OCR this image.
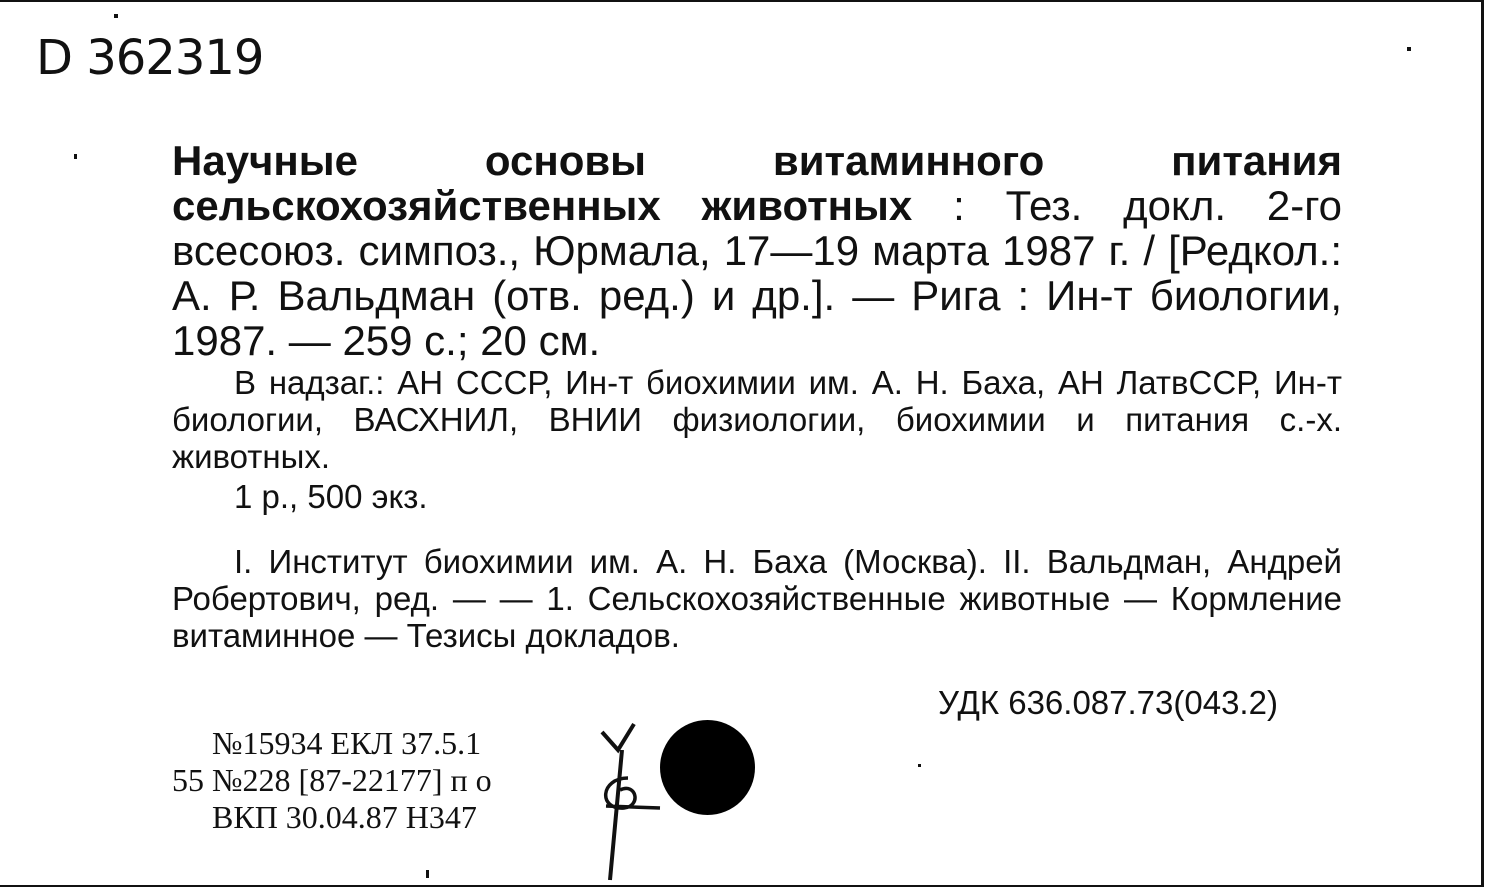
D 362319
Научные основы витаминного питания сельскохозяйственных животных : Тез. докл. 2-го всесоюз. симпоз., Юрмала, 17—19 марта 1987 г. / [Редкол.: А. Р. Вальдман (отв. ред.) и др.]. — Рига : Ин-т биологии, 1987. — 259 с.; 20 см.
В надзаг.: АН СССР, Ин-т биохимии им. А. Н. Баха, АН ЛатвССР, Ин-т биологии, ВАСХНИЛ, ВНИИ физиологии, биохимии и питания с.-х. животных.
1 р., 500 экз.
I. Институт биохимии им. А. Н. Баха (Москва). II. Вальдман, Андрей Робертович, ред. — — 1. Сельскохозяйственные животные — Кормление витаминное — Тезисы докладов.
УДК 636.087.73(043.2)
№15934 ЕКЛ 37.5.1
55 №228 [87-22177] п о
ВКП 30.04.87 Н347
